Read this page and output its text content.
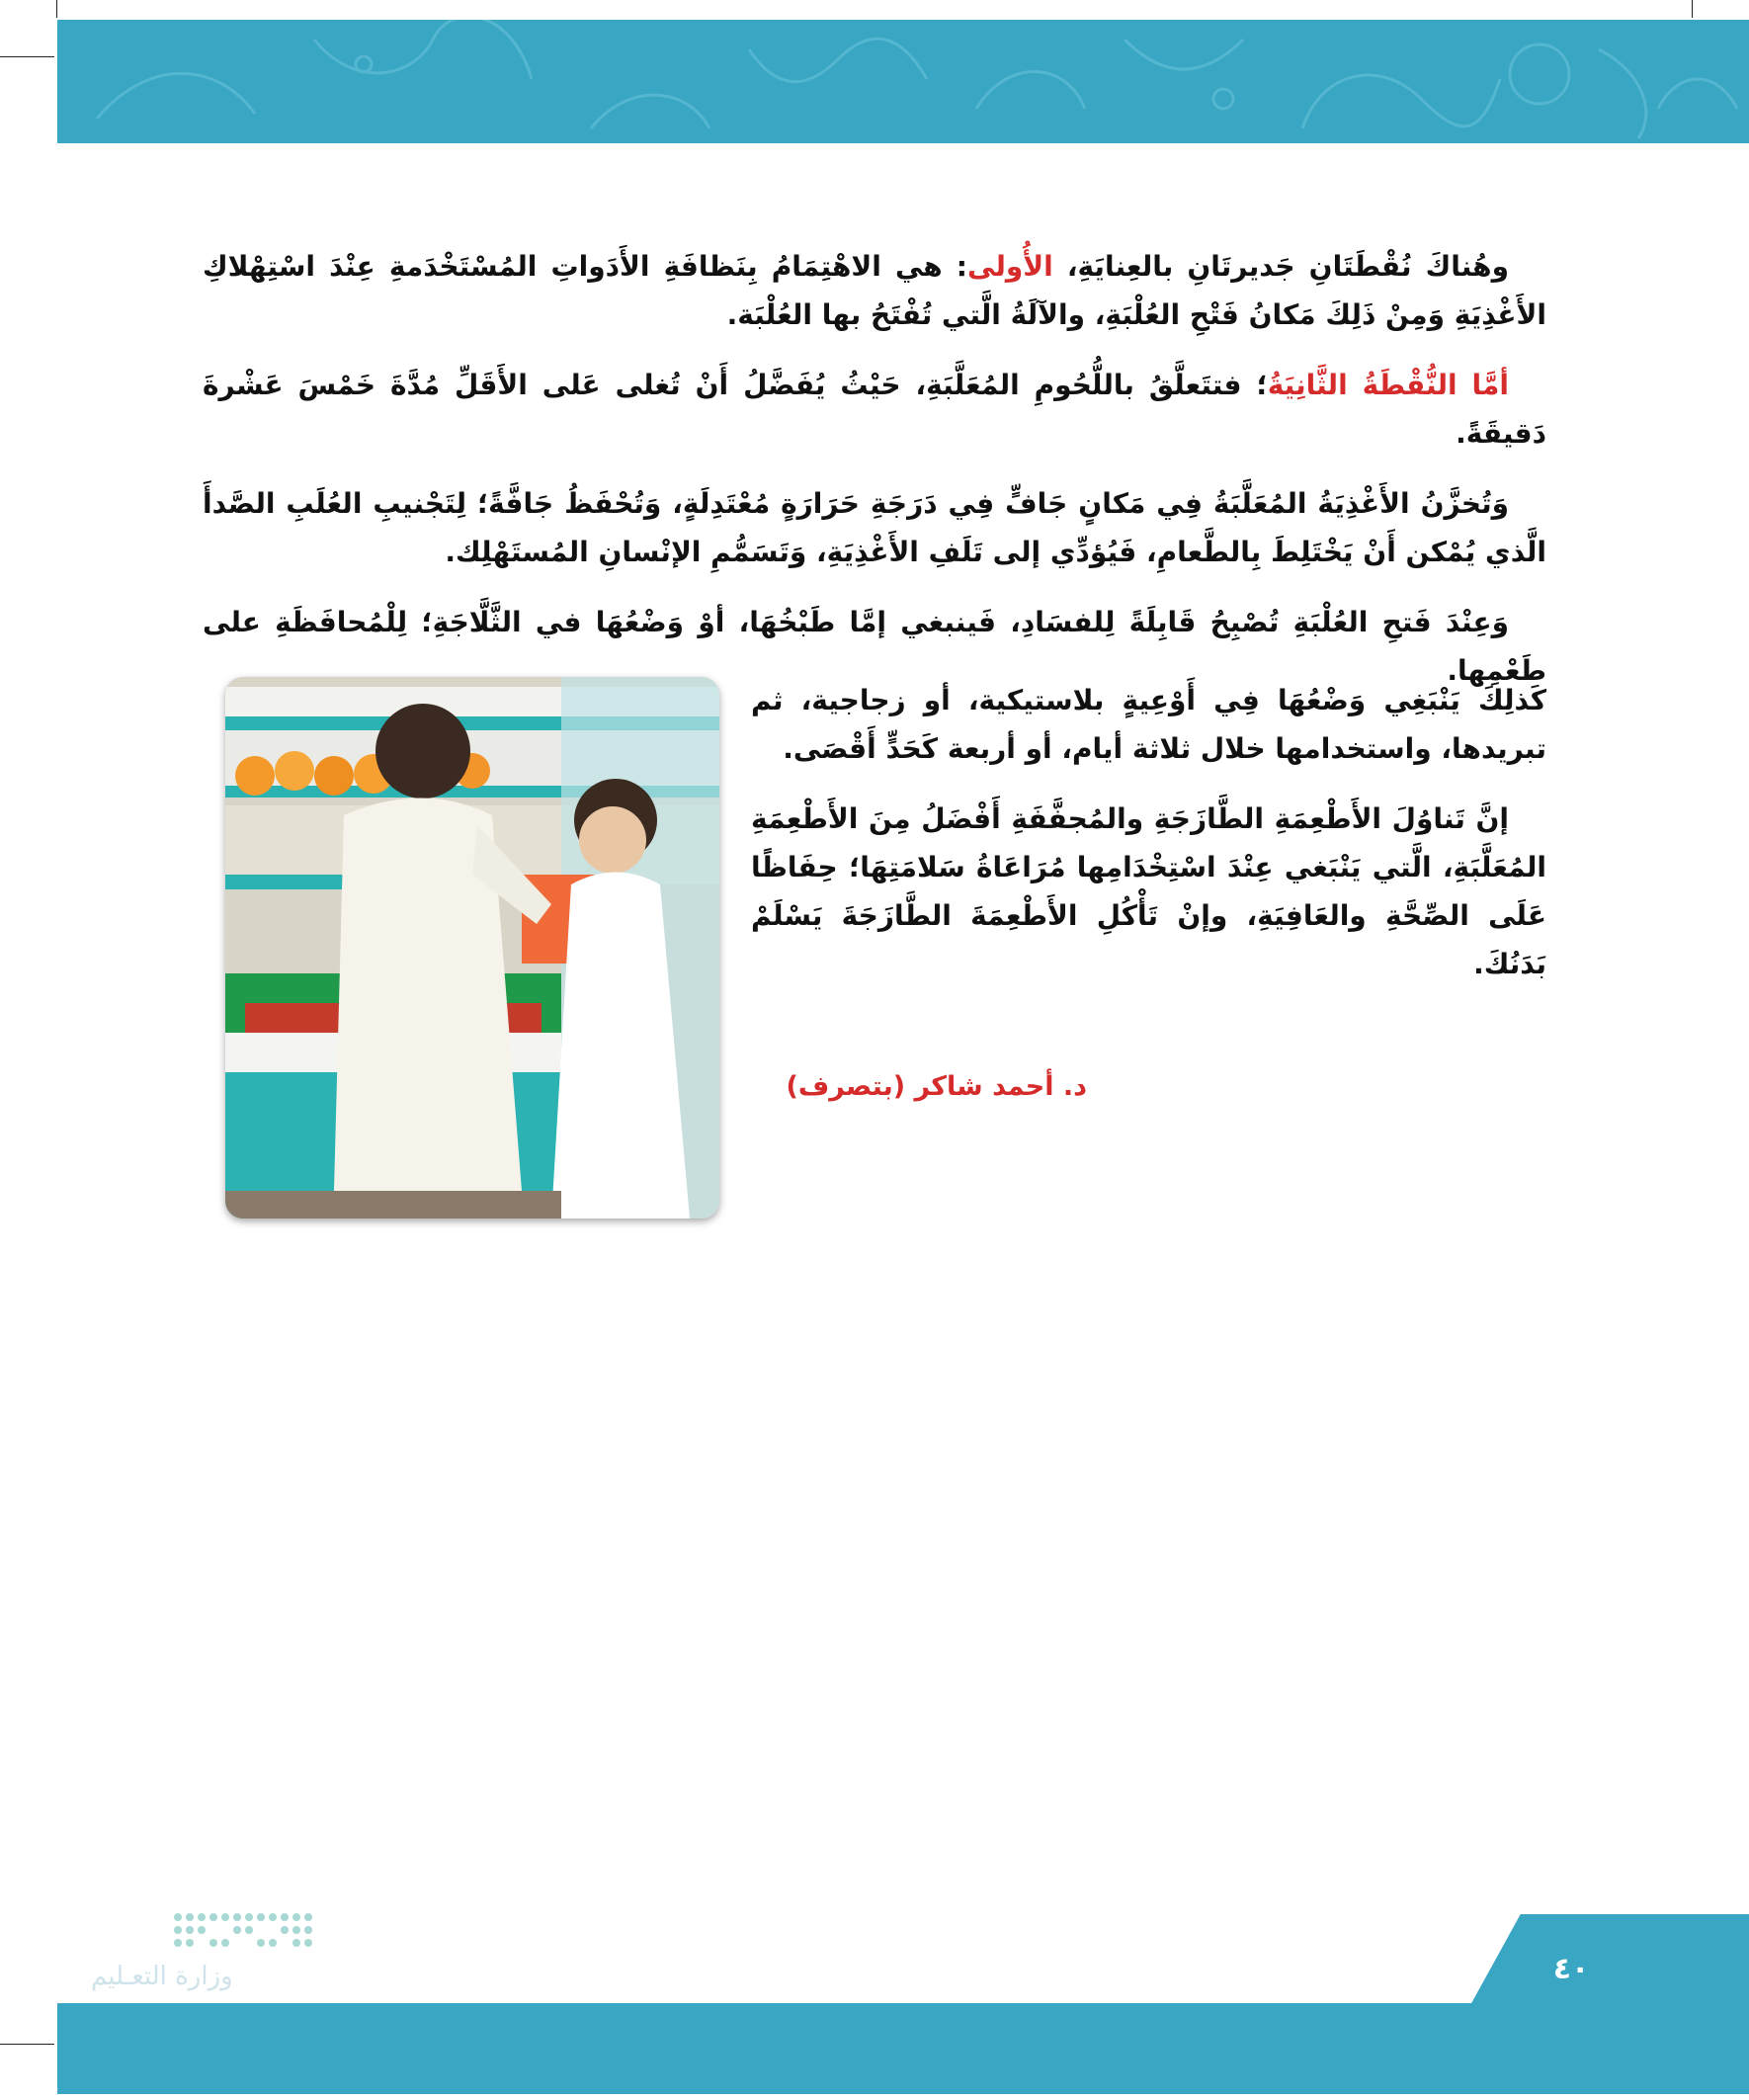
وهُناكَ نُقْطَتَانِ جَديرتَانِ بالعِنايَةِ، الأُولى: هي الاهْتِمَامُ بِنَظافَةِ الأَدَواتِ المُسْتَخْدَمةِ عِنْدَ اسْتِهْلاكِ الأَغْذِيَةِ وَمِنْ ذَلِكَ مَكانُ فَتْحِ العُلْبَةِ، والآلَةُ الَّتي تُفْتَحُ بها العُلْبَة.

أمَّا النُّقْطَةُ الثَّانِيَةُ؛ فتتَعلَّقُ باللُّحُومِ المُعَلَّبَةِ، حَيْثُ يُفَضَّلُ أَنْ تُغلى عَلى الأَقَلِّ مُدَّةَ خَمْسَ عَشْرةَ دَقيقَةً.

وَتُخزَّنُ الأَغْذِيَةُ المُعَلَّبَةُ فِي مَكانٍ جَافٍّ فِي دَرَجَةِ حَرَارَةٍ مُعْتَدِلَةٍ، وَتُحْفَظُ جَافَّةً؛ لِتَجْنيبِ العُلَبِ الصَّدأَ الَّذي يُمْكن أَنْ يَخْتَلِطَ بِالطَّعامِ، فَيُؤدِّي إلى تَلَفِ الأَغْذِيَةِ، وَتَسَمُّمِ الإنْسانِ المُستَهْلِك.

وَعِنْدَ فَتحِ العُلْبَةِ تُصْبِحُ قَابِلَةً لِلفسَادِ، فَينبغي إمَّا طَبْخُهَا، أوْ وَضْعُهَا في الثَّلَّاجَةِ؛ لِلْمُحافَظَةِ على طَعْمِها.

كَذلِكَ يَنْبَغِي وَضْعُهَا فِي أَوْعِيةٍ بلاستيكية، أو زجاجية، ثم تبريدها، واستخدامها خلال ثلاثة أيام، أو أربعة كَحَدٍّ أَقْصَى.

إنَّ تَناوُلَ الأَطْعِمَةِ الطَّازَجَةِ والمُجفَّفَةِ أَفْضَلُ مِنَ الأَطْعِمَةِ المُعَلَّبَةِ، الَّتي يَنْبَغي عِنْدَ اسْتِخْدَامِها مُرَاعَاةُ سَلامَتِهَا؛ حِفَاظًا عَلَى الصِّحَّةِ والعَافِيَةِ، وإنْ تَأْكُلِ الأَطْعِمَةَ الطَّازَجَةَ يَسْلَمْ بَدَنُكَ.

د. أحمد شاكر (بتصرف)
٤٠
وزارة التعـليم
